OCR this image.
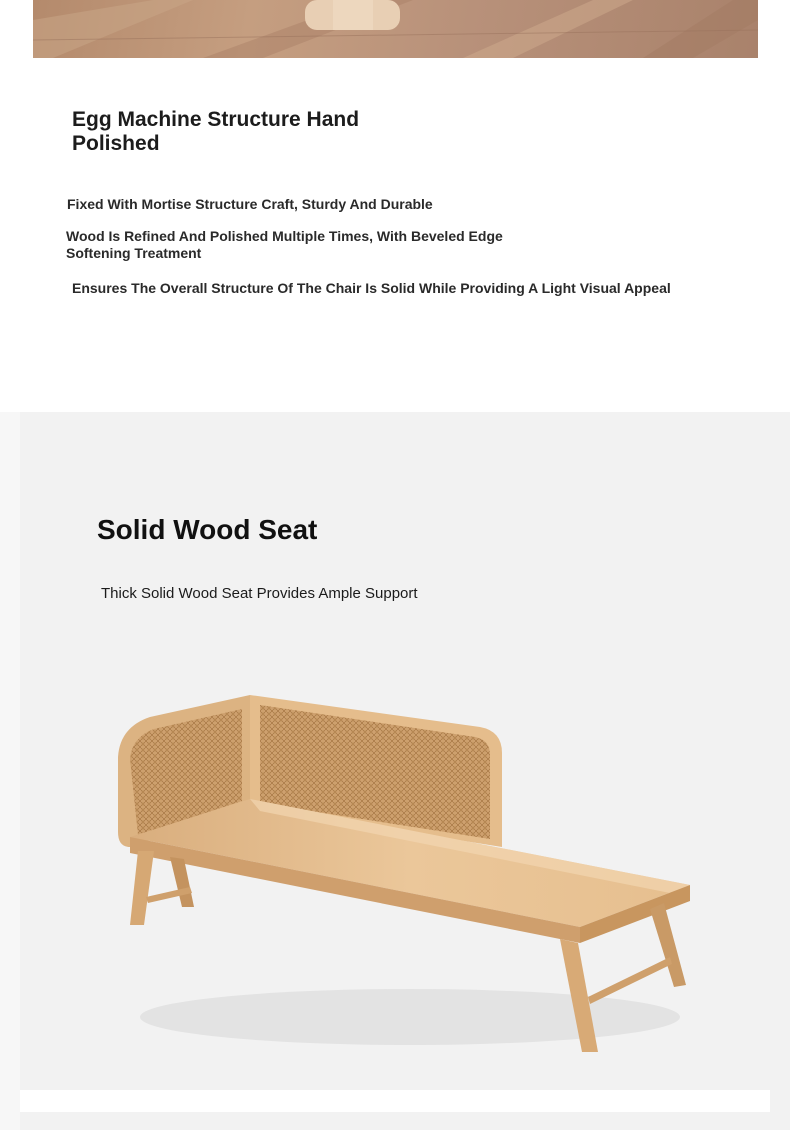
Egg Machine Structure Hand Polished
Fixed With Mortise Structure Craft, Sturdy And Durable
Wood Is Refined And Polished Multiple Times, With Beveled Edge Softening Treatment
Ensures The Overall Structure Of The Chair Is Solid While Providing A Light Visual Appeal
Solid Wood Seat
Thick Solid Wood Seat Provides Ample Support
